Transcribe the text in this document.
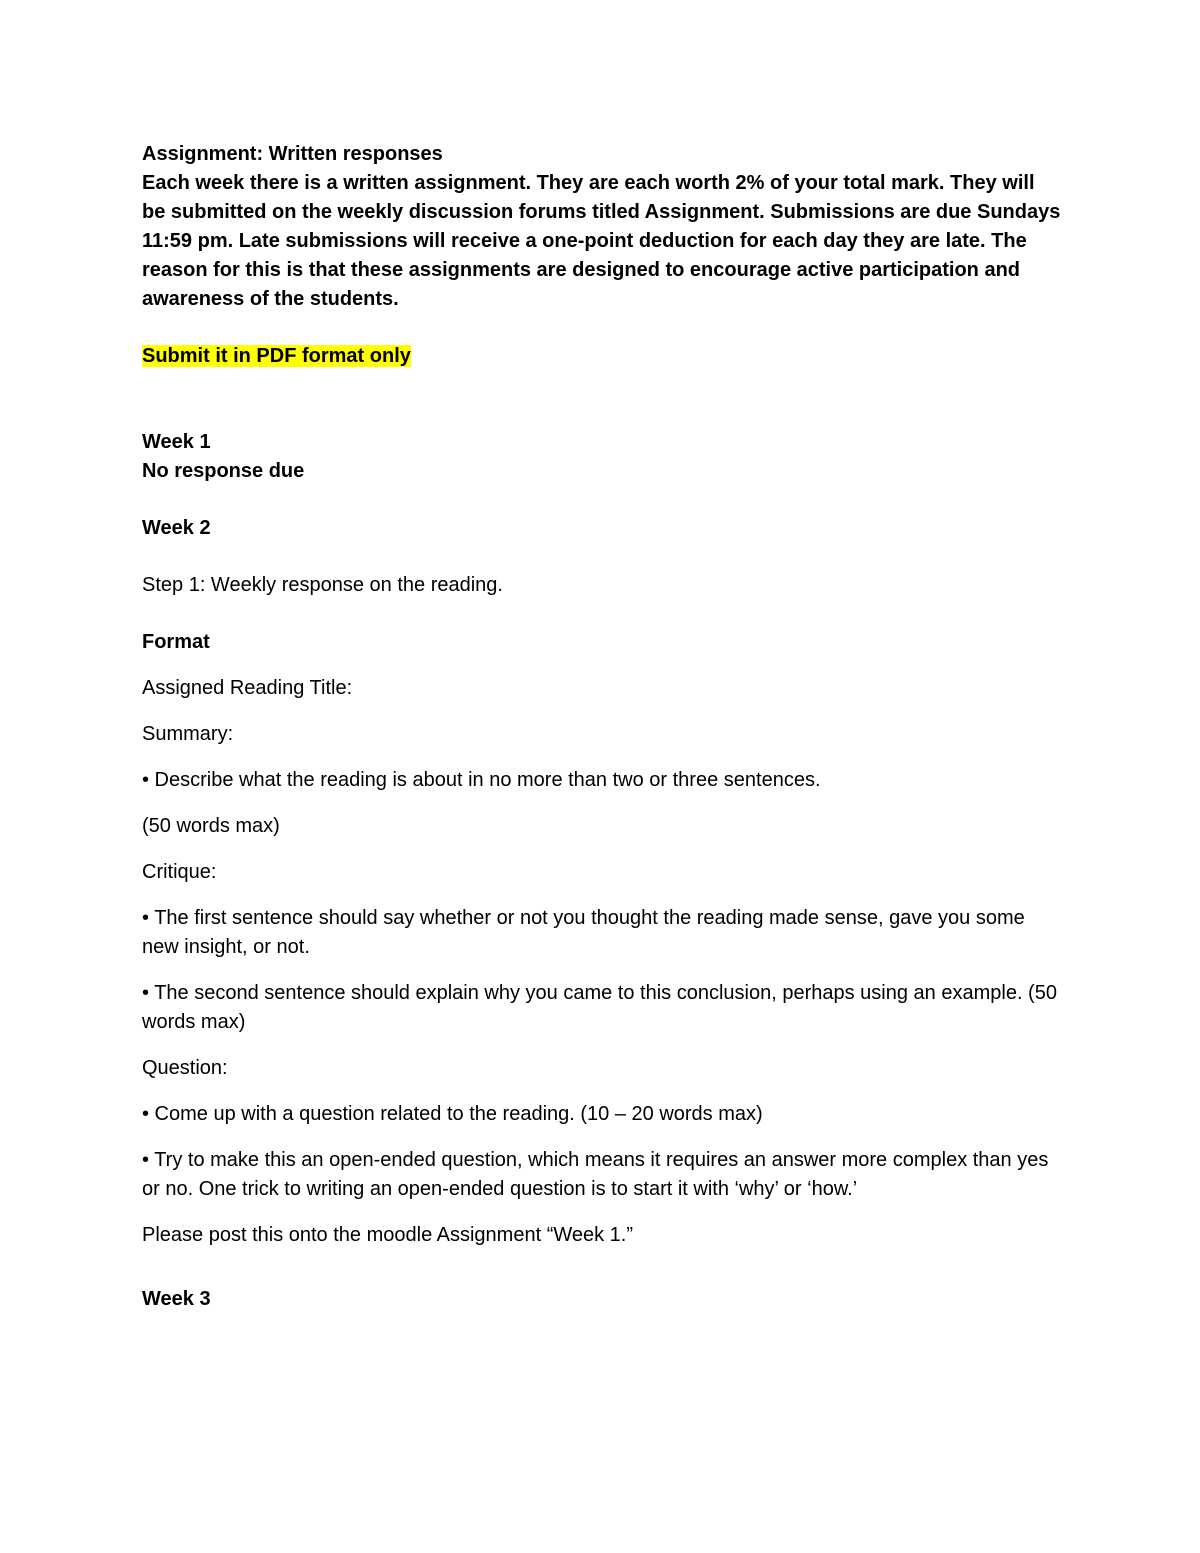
Assignment: Written responses

Each week there is a written assignment. They are each worth 2% of your total mark. They will be submitted on the weekly discussion forums titled Assignment. Submissions are due Sundays 11:59 pm. Late submissions will receive a one-point deduction for each day they are late. The reason for this is that these assignments are designed to encourage active participation and awareness of the students.

Submit it in PDF format only

Week 1

No response due

Week 2

Step 1: Weekly response on the reading.

Format

Assigned Reading Title:

Summary:

• Describe what the reading is about in no more than two or three sentences.

(50 words max)

Critique:

• The first sentence should say whether or not you thought the reading made sense, gave you some new insight, or not.

• The second sentence should explain why you came to this conclusion, perhaps using an example. (50 words max)

Question:

• Come up with a question related to the reading. (10 – 20 words max)

• Try to make this an open-ended question, which means it requires an answer more complex than yes or no. One trick to writing an open-ended question is to start it with ‘why’ or ‘how.’

Please post this onto the moodle Assignment “Week 1.”

Week 3
